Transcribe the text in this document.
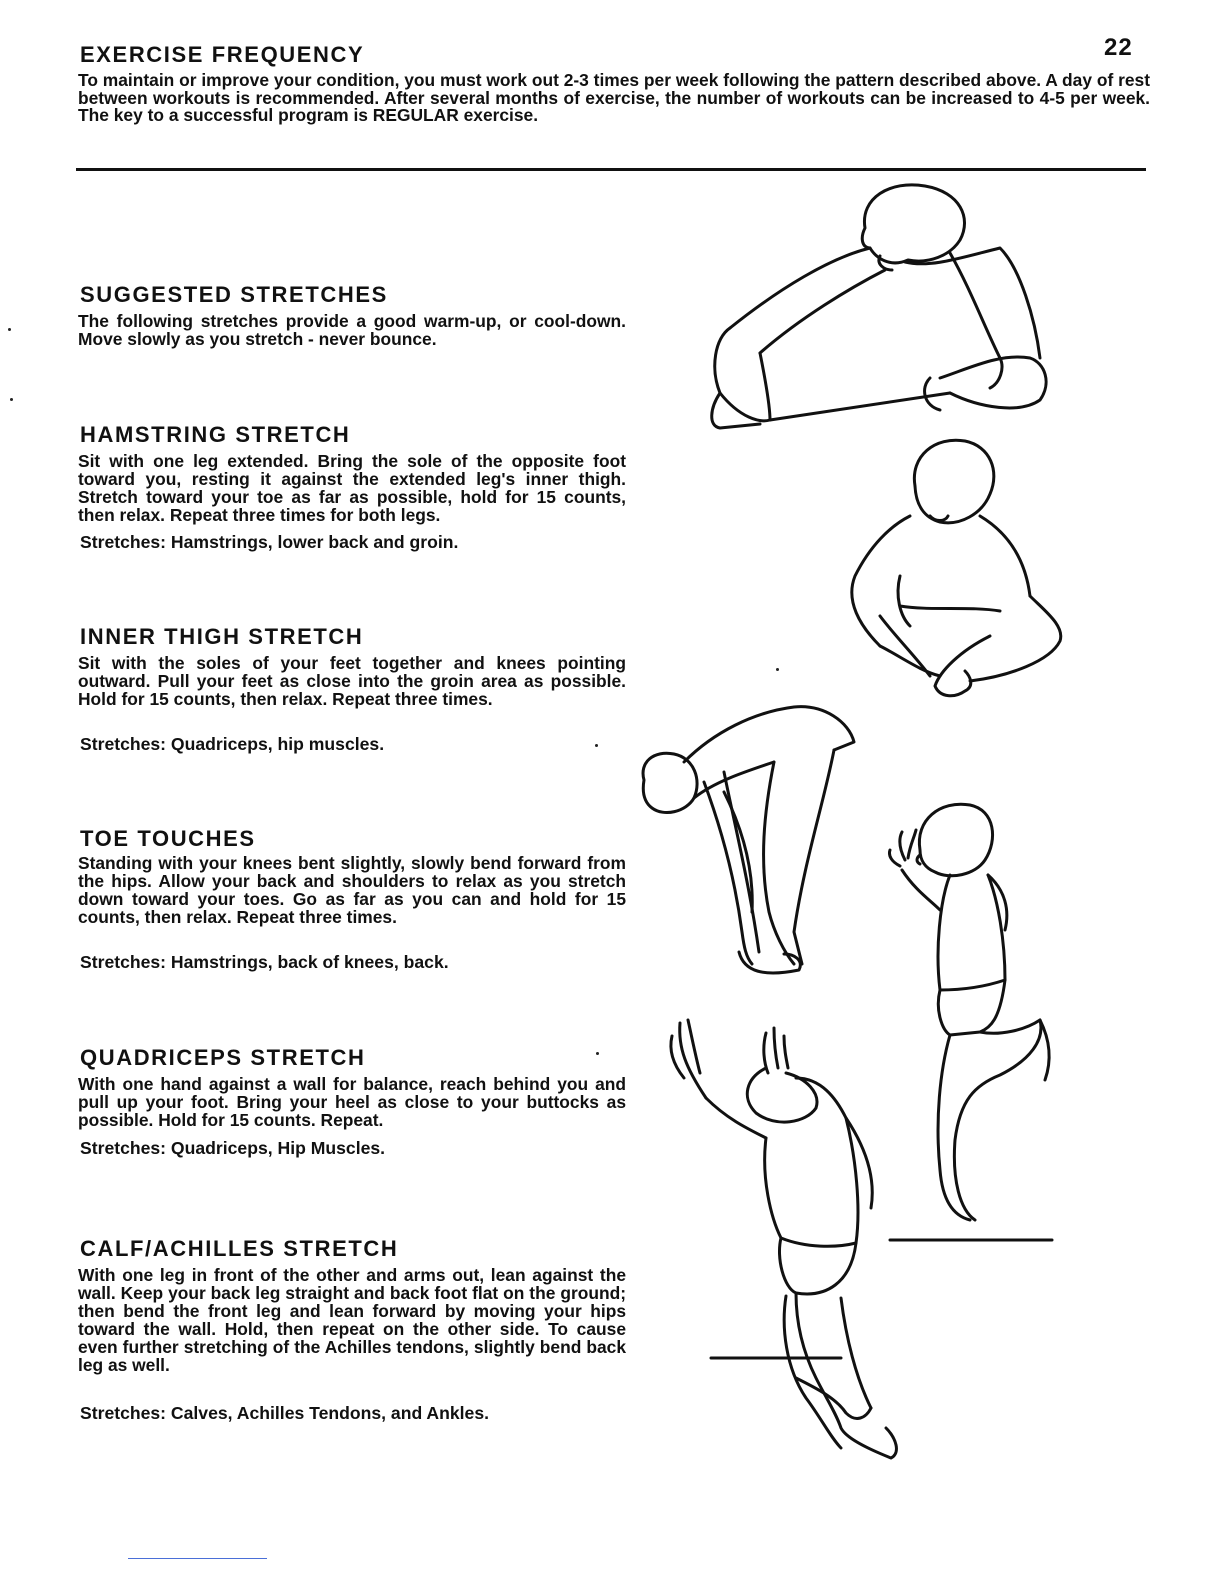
22
EXERCISE FREQUENCY

To maintain or improve your condition, you must work out 2-3 times per week following the pattern described above. A day of rest between workouts is recommended. After several months of exercise, the number of workouts can be increased to 4-5 per week. The key to a successful program is REGULAR exercise.

SUGGESTED STRETCHES

The following stretches provide a good warm-up, or cool-down. Move slowly as you stretch - never bounce.

HAMSTRING STRETCH

Sit with one leg extended. Bring the sole of the opposite foot toward you, resting it against the extended leg's inner thigh. Stretch toward your toe as far as possible, hold for 15 counts, then relax. Repeat three times for both legs.

Stretches: Hamstrings, lower back and groin.

INNER THIGH STRETCH

Sit with the soles of your feet together and knees pointing outward. Pull your feet as close into the groin area as possible. Hold for 15 counts, then relax. Repeat three times.

Stretches: Quadriceps, hip muscles.

TOE TOUCHES

Standing with your knees bent slightly, slowly bend forward from the hips. Allow your back and shoulders to relax as you stretch down toward your toes. Go as far as you can and hold for 15 counts, then relax. Repeat three times.

Stretches: Hamstrings, back of knees, back.

QUADRICEPS STRETCH

With one hand against a wall for balance, reach behind you and pull up your foot. Bring your heel as close to your buttocks as possible. Hold for 15 counts. Repeat.

Stretches: Quadriceps, Hip Muscles.

CALF/ACHILLES STRETCH

With one leg in front of the other and arms out, lean against the wall. Keep your back leg straight and back foot flat on the ground; then bend the front leg and lean forward by moving your hips toward the wall. Hold, then repeat on the other side. To cause even further stretching of the Achilles tendons, slightly bend back leg as well.

Stretches: Calves, Achilles Tendons, and Ankles.
